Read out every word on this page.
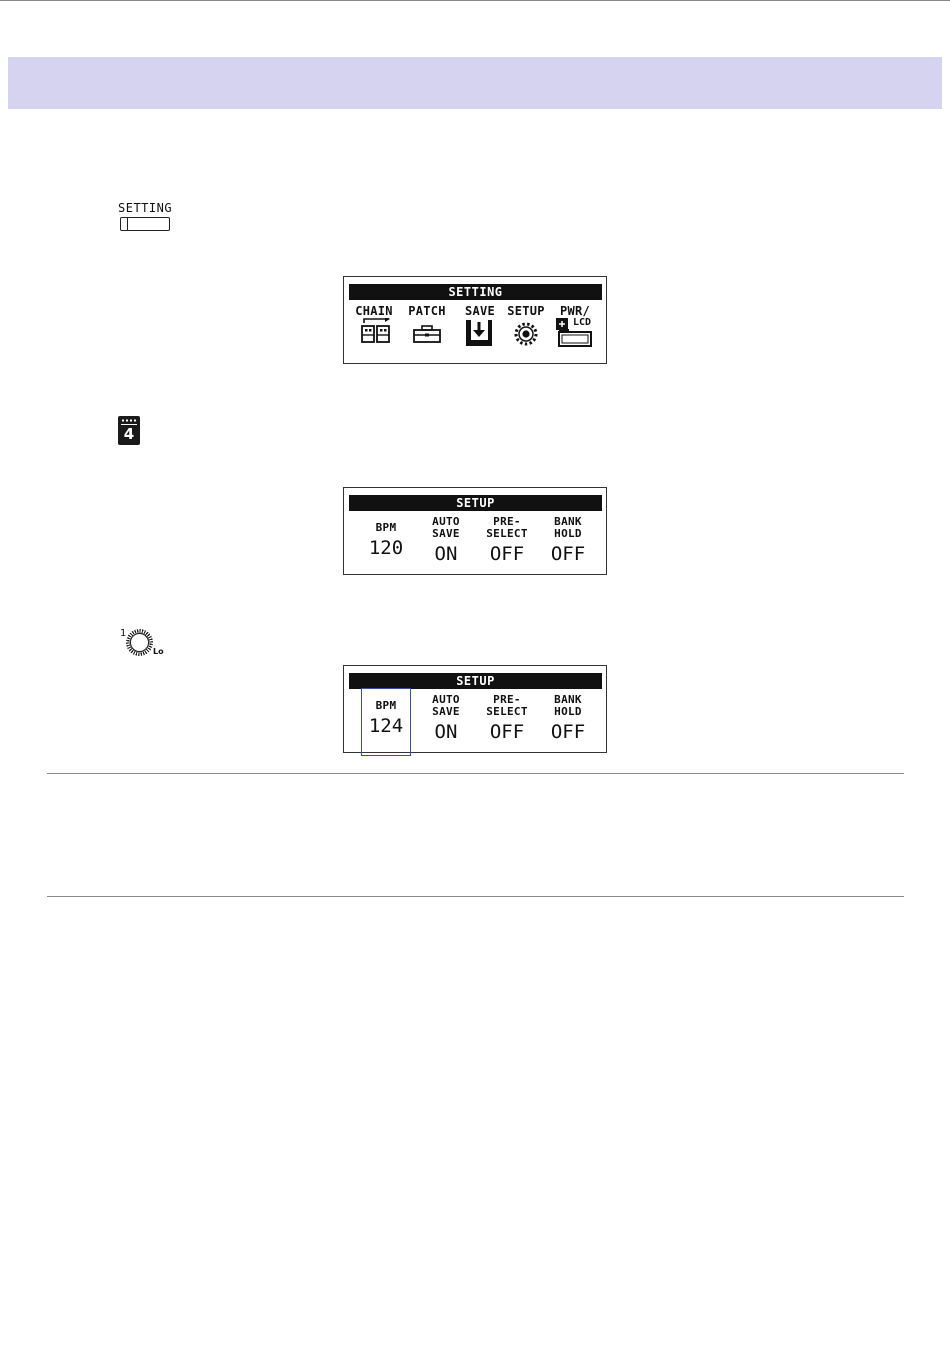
SETTING
SETTING
CHAIN PATCH SAVE SETUP	PWR/
LCD
4
SETUP
BPM
120
AUTO
SAVE
ON
PRE-
SELECT
OFF
BANK
HOLD
OFF
1
Lo
SETUP
BPM
124
AUTO
SAVE
ON
PRE-
SELECT
OFF
BANK
HOLD
OFF
